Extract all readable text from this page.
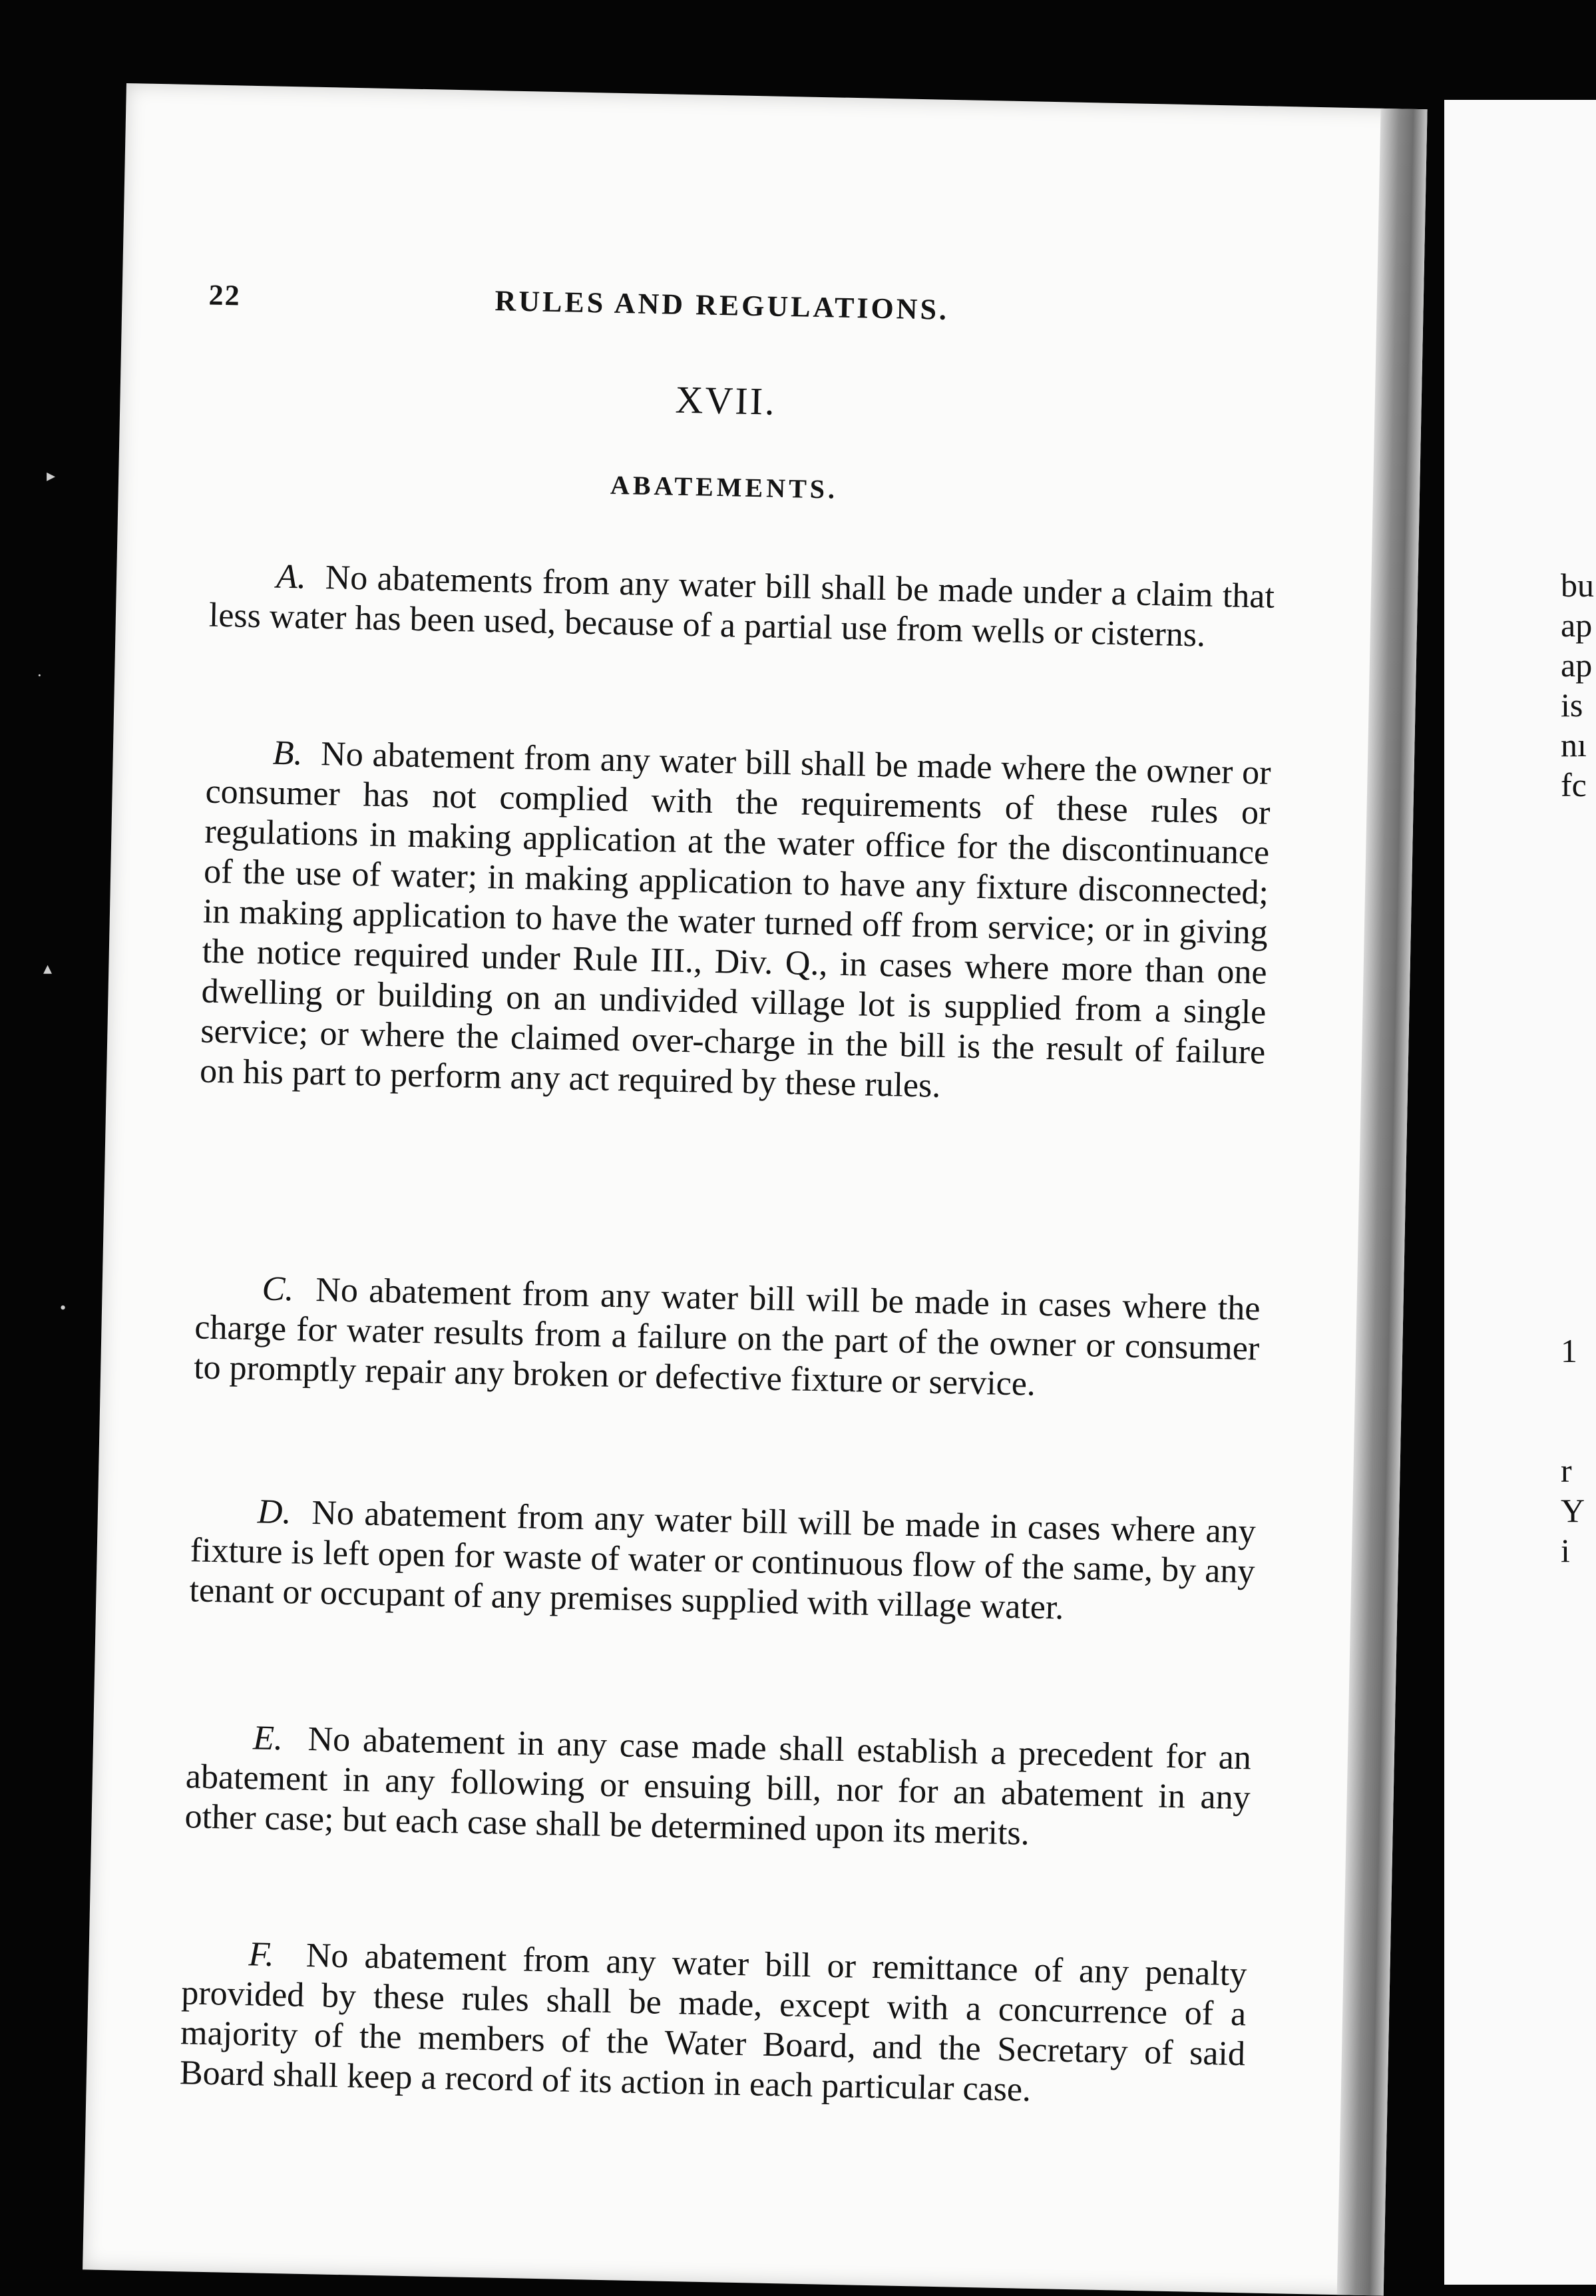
22	RULES AND REGULATIONS.
XVII.
ABATEMENTS.

A. No abatements from any water bill shall be made under a claim that less water has been used, because of a partial use from wells or cisterns.

B. No abatement from any water bill shall be made where the owner or consumer has not complied with the requirements of these rules or regulations in making application at the water office for the discontinuance of the use of water; in making application to have any fixture disconnected; in making application to have the water turned off from service; or in giving the notice required under Rule III., Div. Q., in cases where more than one dwelling or building on an undivided village lot is supplied from a single service; or where the claimed over-charge in the bill is the result of failure on his part to perform any act required by these rules.

C. No abatement from any water bill will be made in cases where the charge for water results from a failure on the part of the owner or consumer to promptly repair any broken or defective fixture or service.

D. No abatement from any water bill will be made in cases where any fixture is left open for waste of water or continuous flow of the same, by any tenant or occupant of any premises supplied with village water.

E. No abatement in any case made shall establish a precedent for an abatement in any following or ensuing bill, nor for an abatement in any other case; but each case shall be determined upon its merits.

F. No abatement from any water bill or remittance of any penalty provided by these rules shall be made, except with a concurrence of a majority of the members of the Water Board, and the Secretary of said Board shall keep a record of its action in each particular case.

bu
ap
ap
is
nı
fc
1
r
Y
i
▸
·
▴
•
